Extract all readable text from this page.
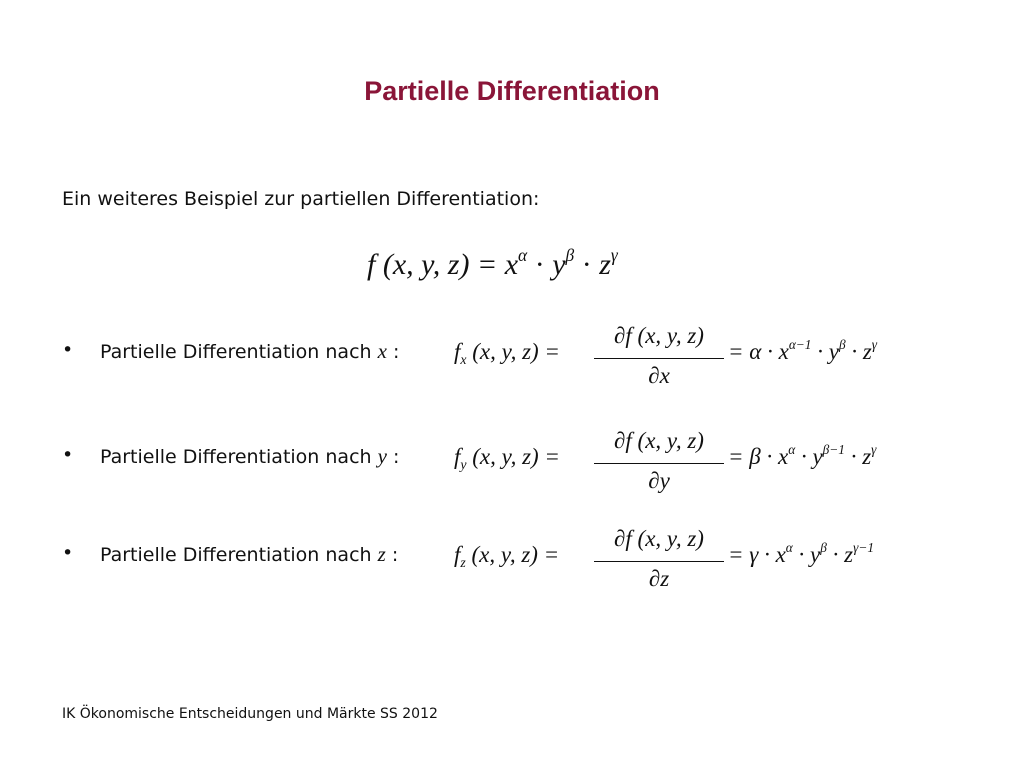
Partielle Differentiation

Ein weiteres Beispiel zur partiellen Differentiation:

f (x, y, $z) = x^\alpha \cdot y^\beta \cdot z^\gamma$
• Partielle Differentiation nach x : $f_x$ (x, y, z) =
∂f (x, y, z)
∂x
= $\alpha \cdot x^{\alpha-1} \cdot y^\beta \cdot z^\gamma$
• Partielle Differentiation nach y : $f_y$ (x, y, z) =
∂f (x, y, z)
∂y
= $\beta \cdot x^\alpha \cdot y^{\beta-1} \cdot z^\gamma$
• Partielle Differentiation nach z : $f_z$ (x, y, z) =
∂f (x, y, z)
∂z
= $\gamma \cdot x^\alpha \cdot y^\beta \cdot z^{\gamma-1}$

IK Ökonomische Entscheidungen und Märkte SS 2012
